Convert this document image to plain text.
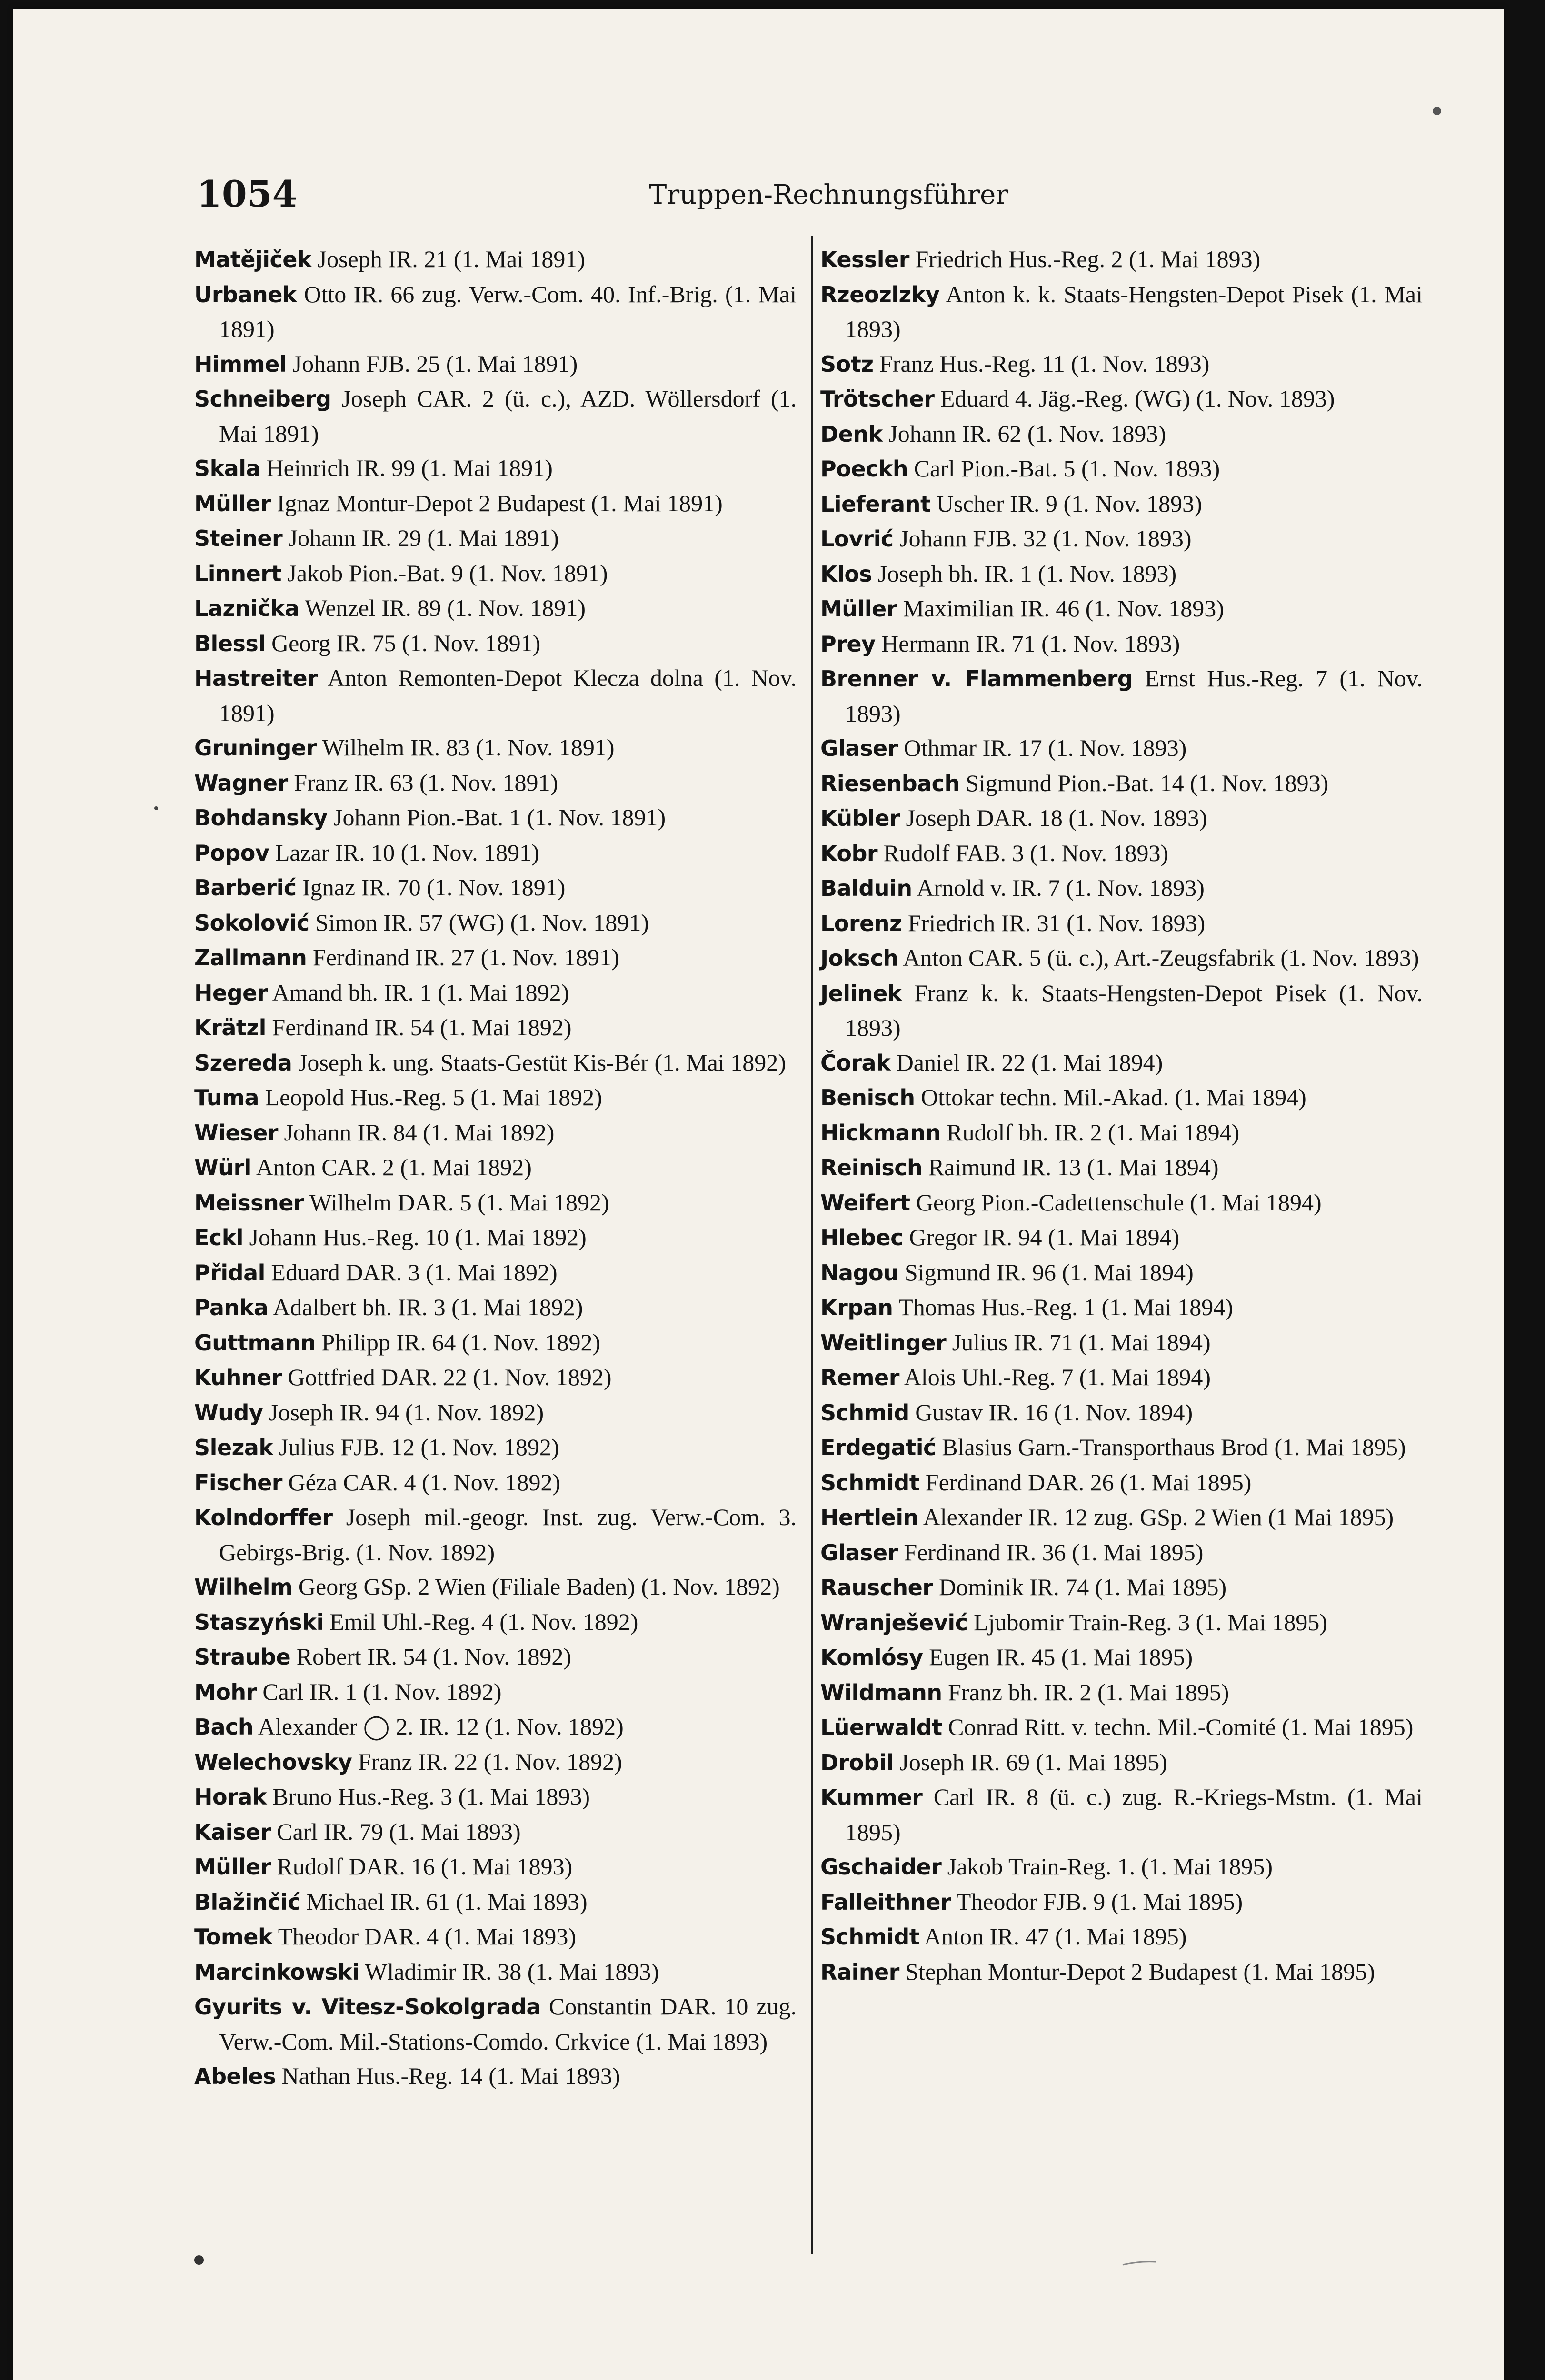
1054	Truppen-Rechnungsführer
Matějiček Joseph IR. 21 (1. Mai 1891)
Urbanek Otto IR. 66 zug. Verw.-Com. 40. Inf.-Brig. (1. Mai 1891)
Himmel Johann FJB. 25 (1. Mai 1891)
Schneiberg Joseph CAR. 2 (ü. c.), AZD. Wöllersdorf (1. Mai 1891)
Skala Heinrich IR. 99 (1. Mai 1891)
Müller Ignaz Montur-Depot 2 Budapest (1. Mai 1891)
Steiner Johann IR. 29 (1. Mai 1891)
Linnert Jakob Pion.-Bat. 9 (1. Nov. 1891)
Laznička Wenzel IR. 89 (1. Nov. 1891)
Blessl Georg IR. 75 (1. Nov. 1891)
Hastreiter Anton Remonten-Depot Klecza dolna (1. Nov. 1891)
Gruninger Wilhelm IR. 83 (1. Nov. 1891)
Wagner Franz IR. 63 (1. Nov. 1891)
Bohdansky Johann Pion.-Bat. 1 (1. Nov. 1891)
Popov Lazar IR. 10 (1. Nov. 1891)
Barberić Ignaz IR. 70 (1. Nov. 1891)
Sokolović Simon IR. 57 (WG) (1. Nov. 1891)
Zallmann Ferdinand IR. 27 (1. Nov. 1891)
Heger Amand bh. IR. 1 (1. Mai 1892)
Krätzl Ferdinand IR. 54 (1. Mai 1892)
Szereda Joseph k. ung. Staats-Gestüt Kis-Bér (1. Mai 1892)
Tuma Leopold Hus.-Reg. 5 (1. Mai 1892)
Wieser Johann IR. 84 (1. Mai 1892)
Würl Anton CAR. 2 (1. Mai 1892)
Meissner Wilhelm DAR. 5 (1. Mai 1892)
Eckl Johann Hus.-Reg. 10 (1. Mai 1892)
Přidal Eduard DAR. 3 (1. Mai 1892)
Panka Adalbert bh. IR. 3 (1. Mai 1892)
Guttmann Philipp IR. 64 (1. Nov. 1892)
Kuhner Gottfried DAR. 22 (1. Nov. 1892)
Wudy Joseph IR. 94 (1. Nov. 1892)
Slezak Julius FJB. 12 (1. Nov. 1892)
Fischer Géza CAR. 4 (1. Nov. 1892)
Kolndorffer Joseph mil.-geogr. Inst. zug. Verw.-Com. 3. Gebirgs-Brig. (1. Nov. 1892)
Wilhelm Georg GSp. 2 Wien (Filiale Baden) (1. Nov. 1892)
Staszyński Emil Uhl.-Reg. 4 (1. Nov. 1892)
Straube Robert IR. 54 (1. Nov. 1892)
Mohr Carl IR. 1 (1. Nov. 1892)
Bach Alexander ◯ 2. IR. 12 (1. Nov. 1892)
Welechovsky Franz IR. 22 (1. Nov. 1892)
Horak Bruno Hus.-Reg. 3 (1. Mai 1893)
Kaiser Carl IR. 79 (1. Mai 1893)
Müller Rudolf DAR. 16 (1. Mai 1893)
Blažinčić Michael IR. 61 (1. Mai 1893)
Tomek Theodor DAR. 4 (1. Mai 1893)
Marcinkowski Wladimir IR. 38 (1. Mai 1893)
Gyurits v. Vitesz-Sokolgrada Constantin DAR. 10 zug. Verw.-Com. Mil.-Stations-Comdo. Crkvice (1. Mai 1893)
Abeles Nathan Hus.-Reg. 14 (1. Mai 1893)
Kessler Friedrich Hus.-Reg. 2 (1. Mai 1893)
Rzeozlzky Anton k. k. Staats-Hengsten-Depot Pisek (1. Mai 1893)
Sotz Franz Hus.-Reg. 11 (1. Nov. 1893)
Trötscher Eduard 4. Jäg.-Reg. (WG) (1. Nov. 1893)
Denk Johann IR. 62 (1. Nov. 1893)
Poeckh Carl Pion.-Bat. 5 (1. Nov. 1893)
Lieferant Uscher IR. 9 (1. Nov. 1893)
Lovrić Johann FJB. 32 (1. Nov. 1893)
Klos Joseph bh. IR. 1 (1. Nov. 1893)
Müller Maximilian IR. 46 (1. Nov. 1893)
Prey Hermann IR. 71 (1. Nov. 1893)
Brenner v. Flammenberg Ernst Hus.-Reg. 7 (1. Nov. 1893)
Glaser Othmar IR. 17 (1. Nov. 1893)
Riesenbach Sigmund Pion.-Bat. 14 (1. Nov. 1893)
Kübler Joseph DAR. 18 (1. Nov. 1893)
Kobr Rudolf FAB. 3 (1. Nov. 1893)
Balduin Arnold v. IR. 7 (1. Nov. 1893)
Lorenz Friedrich IR. 31 (1. Nov. 1893)
Joksch Anton CAR. 5 (ü. c.), Art.-Zeugsfabrik (1. Nov. 1893)
Jelinek Franz k. k. Staats-Hengsten-Depot Pisek (1. Nov. 1893)
Čorak Daniel IR. 22 (1. Mai 1894)
Benisch Ottokar techn. Mil.-Akad. (1. Mai 1894)
Hickmann Rudolf bh. IR. 2 (1. Mai 1894)
Reinisch Raimund IR. 13 (1. Mai 1894)
Weifert Georg Pion.-Cadettenschule (1. Mai 1894)
Hlebec Gregor IR. 94 (1. Mai 1894)
Nagou Sigmund IR. 96 (1. Mai 1894)
Krpan Thomas Hus.-Reg. 1 (1. Mai 1894)
Weitlinger Julius IR. 71 (1. Mai 1894)
Remer Alois Uhl.-Reg. 7 (1. Mai 1894)
Schmid Gustav IR. 16 (1. Nov. 1894)
Erdegatić Blasius Garn.-Transporthaus Brod (1. Mai 1895)
Schmidt Ferdinand DAR. 26 (1. Mai 1895)
Hertlein Alexander IR. 12 zug. GSp. 2 Wien (1 Mai 1895)
Glaser Ferdinand IR. 36 (1. Mai 1895)
Rauscher Dominik IR. 74 (1. Mai 1895)
Wranješević Ljubomir Train-Reg. 3 (1. Mai 1895)
Komlósy Eugen IR. 45 (1. Mai 1895)
Wildmann Franz bh. IR. 2 (1. Mai 1895)
Lüerwaldt Conrad Ritt. v. techn. Mil.-Comité (1. Mai 1895)
Drobil Joseph IR. 69 (1. Mai 1895)
Kummer Carl IR. 8 (ü. c.) zug. R.-Kriegs-Mstm. (1. Mai 1895)
Gschaider Jakob Train-Reg. 1. (1. Mai 1895)
Falleithner Theodor FJB. 9 (1. Mai 1895)
Schmidt Anton IR. 47 (1. Mai 1895)
Rainer Stephan Montur-Depot 2 Budapest (1. Mai 1895)
